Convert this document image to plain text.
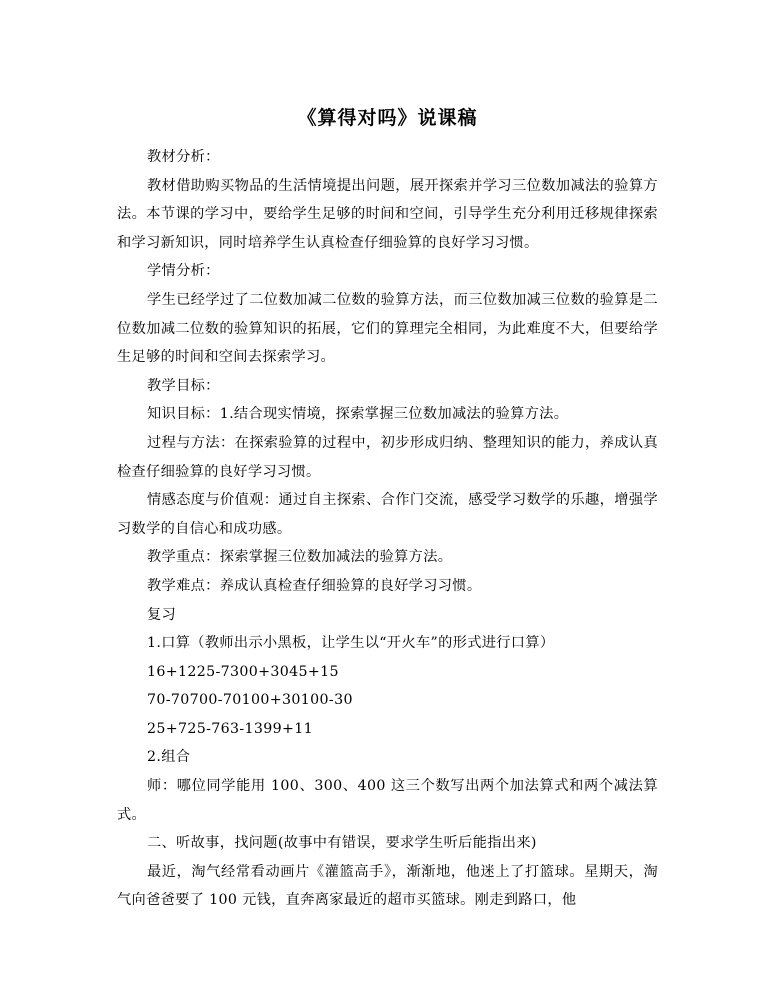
《算得对吗》说课稿

教材分析：

教材借助购买物品的生活情境提出问题，展开探索并学习三位数加减法的验算方法。本节课的学习中，要给学生足够的时间和空间，引导学生充分利用迁移规律探索和学习新知识，同时培养学生认真检查仔细验算的良好学习习惯。

学情分析：

学生已经学过了二位数加减二位数的验算方法，而三位数加减三位数的验算是二位数加减二位数的验算知识的拓展，它们的算理完全相同，为此难度不大，但要给学生足够的时间和空间去探索学习。

教学目标：

知识目标：1.结合现实情境，探索掌握三位数加减法的验算方法。

过程与方法：在探索验算的过程中，初步形成归纳、整理知识的能力，养成认真检查仔细验算的良好学习习惯。

情感态度与价值观：通过自主探索、合作门交流，感受学习数学的乐趣，增强学习数学的自信心和成功感。

教学重点：探索掌握三位数加减法的验算方法。

教学难点：养成认真检查仔细验算的良好学习习惯。

复习

1.口算（教师出示小黑板，让学生以“开火车”的形式进行口算）

16+1225-7300+3045+15

70-70700-70100+30100-30

25+725-763-1399+11

2.组合

师：哪位同学能用 100、300、400 这三个数写出两个加法算式和两个减法算式。

二、听故事，找问题(故事中有错误，要求学生听后能指出来)

最近，淘气经常看动画片《灌篮高手》，渐渐地，他迷上了打篮球。星期天，淘气向爸爸要了 100 元钱，直奔离家最近的超市买篮球。刚走到路口，他
